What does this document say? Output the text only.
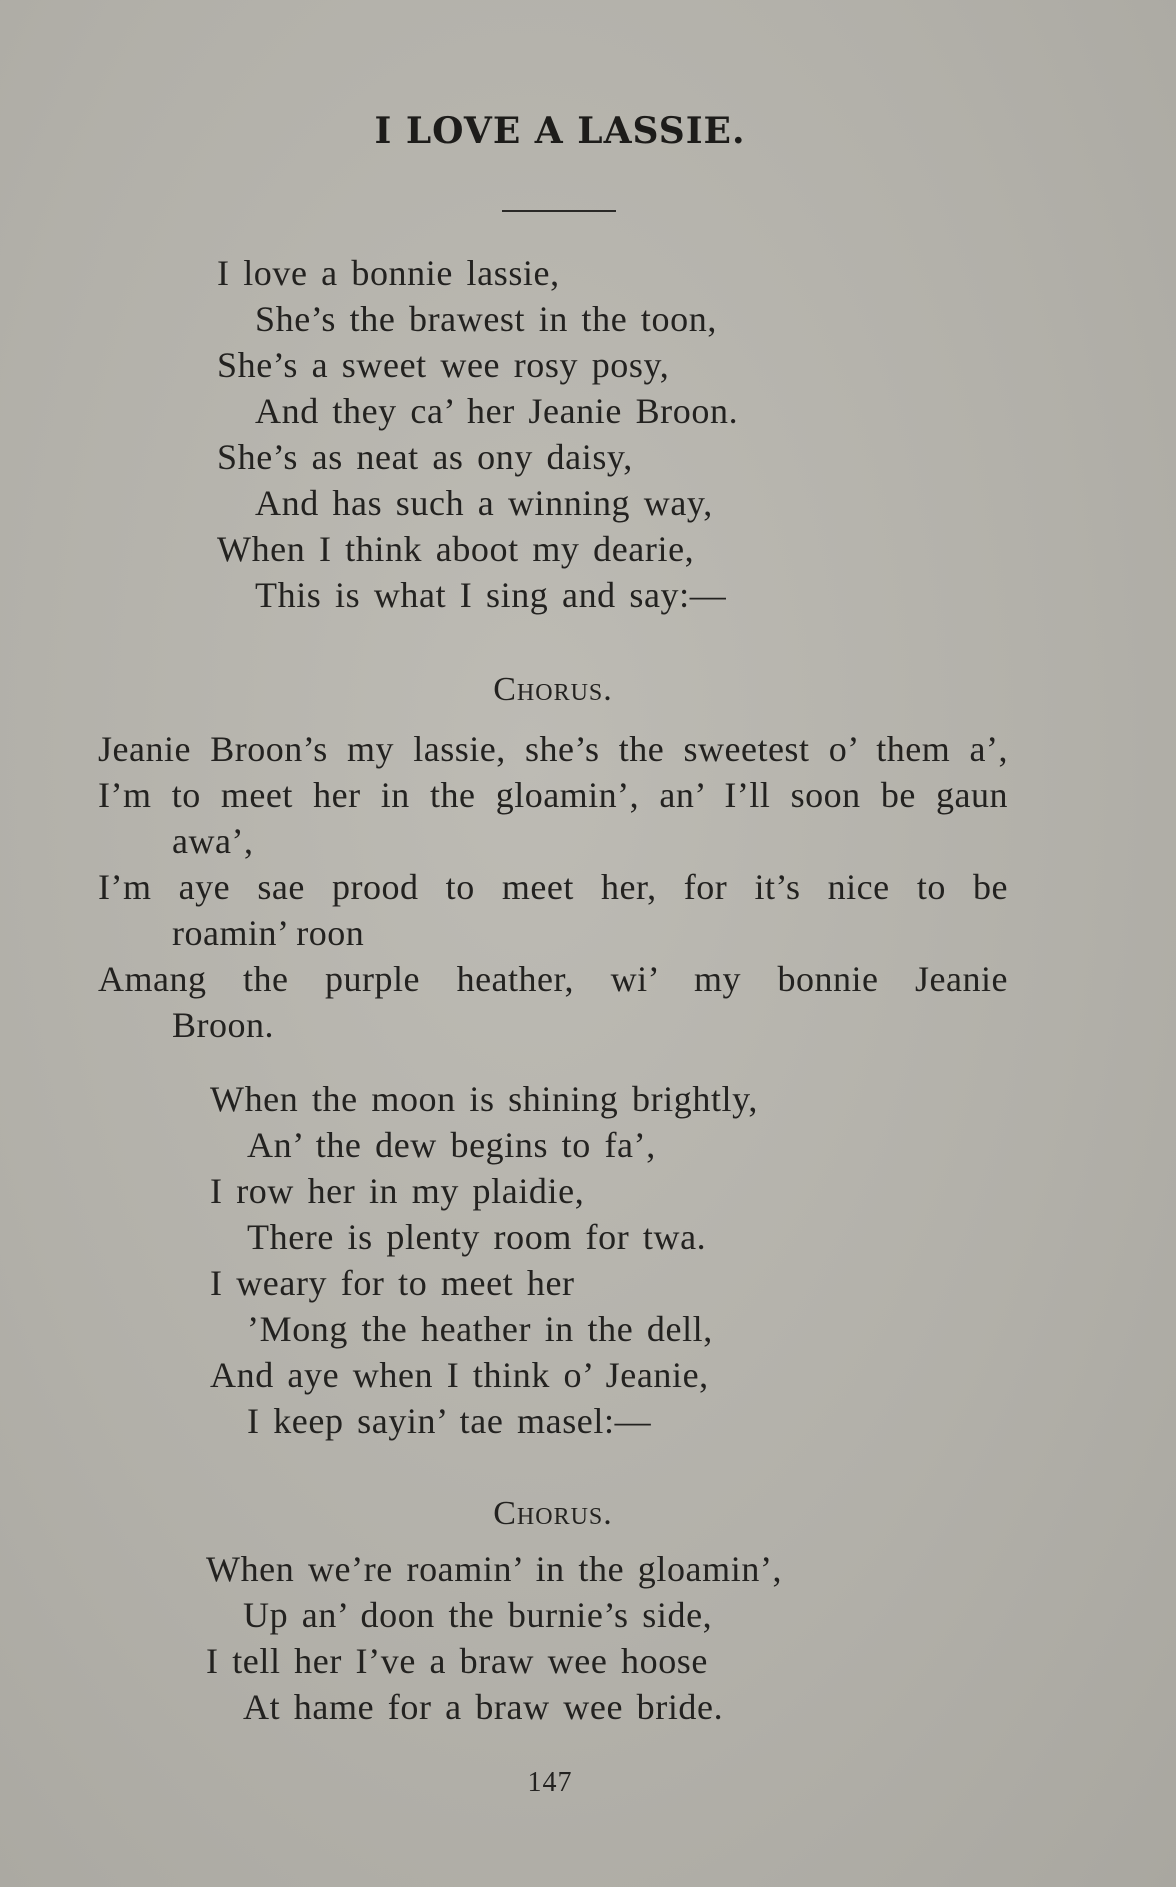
I LOVE A LASSIE.
I love a bonnie lassie,
She’s the brawest in the toon,
She’s a sweet wee rosy posy,
And they ca’ her Jeanie Broon.
She’s as neat as ony daisy,
And has such a winning way,
When I think aboot my dearie,
This is what I sing and say:—
Chorus.
Jeanie Broon’s my lassie, she’s the sweetest o’ them a’,
I’m to meet her in the gloamin’, an’ I’ll soon be gaun
awa’,
I’m aye sae prood to meet her, for it’s nice to be
roamin’ roon
Amang the purple heather, wi’ my bonnie Jeanie
Broon.
When the moon is shining brightly,
An’ the dew begins to fa’,
I row her in my plaidie,
There is plenty room for twa.
I weary for to meet her
’Mong the heather in the dell,
And aye when I think o’ Jeanie,
I keep sayin’ tae masel:—
Chorus.
When we’re roamin’ in the gloamin’,
Up an’ doon the burnie’s side,
I tell her I’ve a braw wee hoose
At hame for a braw wee bride.
147
